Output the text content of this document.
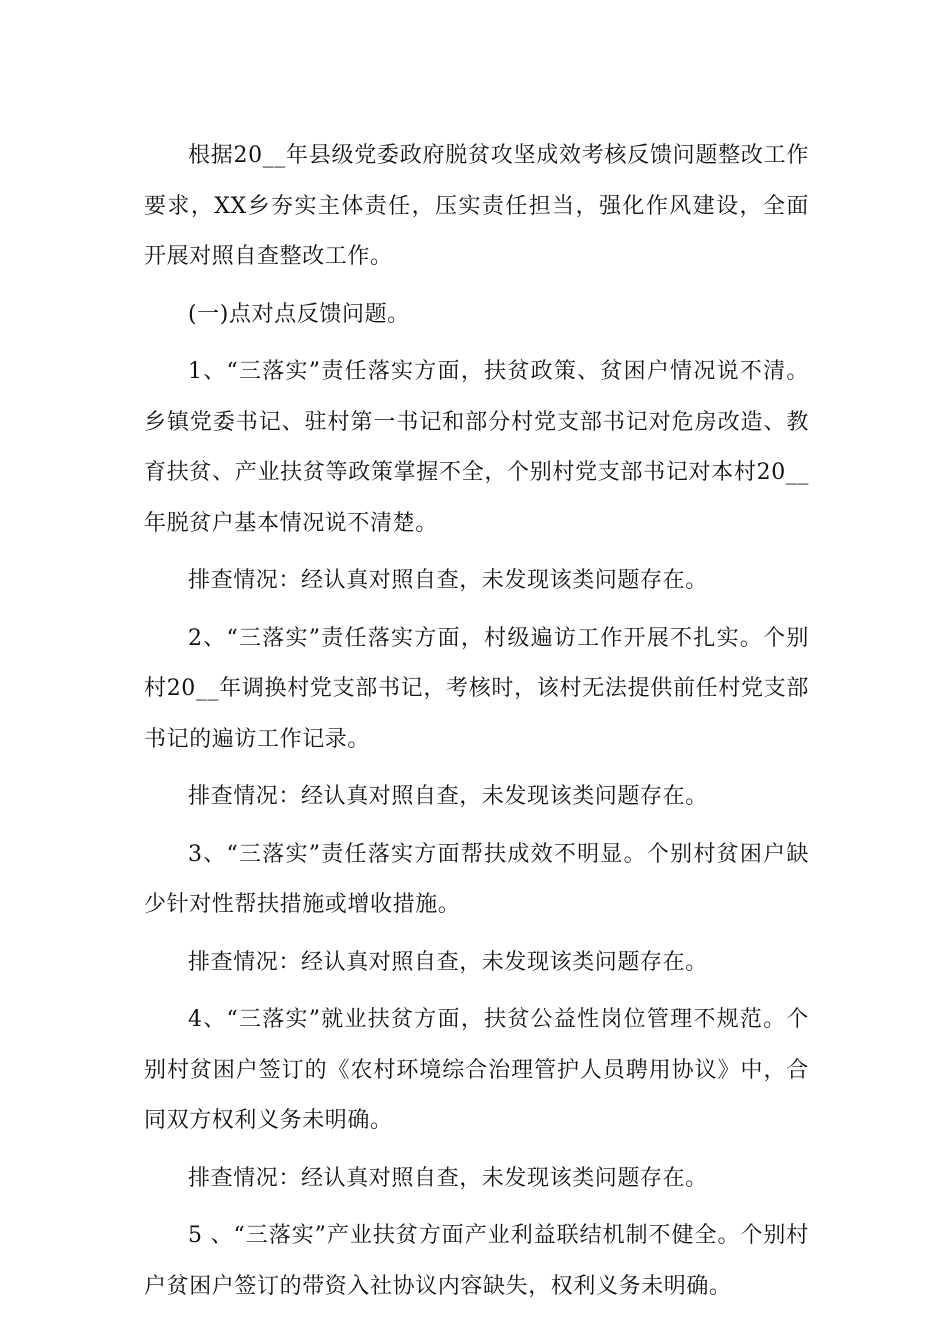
根据20__年县级党委政府脱贫攻坚成效考核反馈问题整改工作要求，XX乡夯实主体责任，压实责任担当，强化作风建设，全面开展对照自查整改工作。

(一)点对点反馈问题。

1、“三落实”责任落实方面，扶贫政策、贫困户情况说不清。乡镇党委书记、驻村第一书记和部分村党支部书记对危房改造、教育扶贫、产业扶贫等政策掌握不全，个别村党支部书记对本村20__年脱贫户基本情况说不清楚。

排查情况：经认真对照自查，未发现该类问题存在。

2、“三落实”责任落实方面，村级遍访工作开展不扎实。个别村20__年调换村党支部书记，考核时，该村无法提供前任村党支部书记的遍访工作记录。

排查情况：经认真对照自查，未发现该类问题存在。

3、“三落实”责任落实方面帮扶成效不明显。个别村贫困户缺少针对性帮扶措施或增收措施。

排查情况：经认真对照自查，未发现该类问题存在。

4、“三落实”就业扶贫方面，扶贫公益性岗位管理不规范。个别村贫困户签订的《农村环境综合治理管护人员聘用协议》中，合同双方权利义务未明确。

排查情况：经认真对照自查，未发现该类问题存在。

5 、“三落实”产业扶贫方面产业利益联结机制不健全。个别村户贫困户签订的带资入社协议内容缺失，权利义务未明确。
